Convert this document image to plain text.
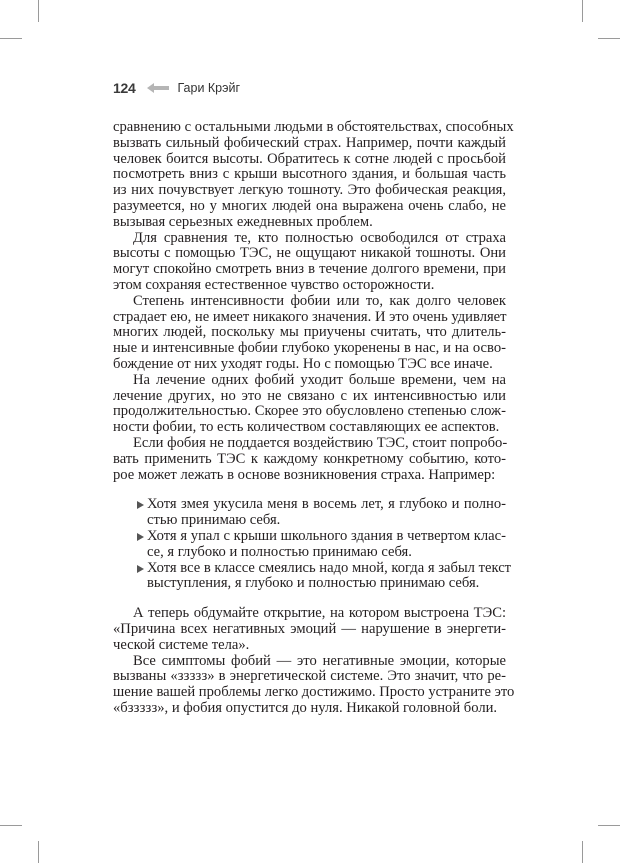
124	Гари Крэйг
сравнению с остальными людьми в обстоятельствах, способных
вызвать сильный фобический страх. Например, почти каждый
человек боится высоты. Обратитесь к сотне людей с просьбой
посмотреть вниз с крыши высотного здания, и большая часть
из них почувствует легкую тошноту. Это фобическая реакция,
разумеется, но у многих людей она выражена очень слабо, не
вызывая серьезных ежедневных проблем.
Для сравнения те, кто полностью освободился от страха
высоты с помощью ТЭС, не ощущают никакой тошноты. Они
могут спокойно смотреть вниз в течение долгого времени, при
этом сохраняя естественное чувство осторожности.
Степень интенсивности фобии или то, как долго человек
страдает ею, не имеет никакого значения. И это очень удивляет
многих людей, поскольку мы приучены считать, что длитель-
ные и интенсивные фобии глубоко укоренены в нас, и на осво-
бождение от них уходят годы. Но с помощью ТЭС все иначе.
На лечение одних фобий уходит больше времени, чем на
лечение других, но это не связано с их интенсивностью или
продолжительностью. Скорее это обусловлено степенью слож-
ности фобии, то есть количеством составляющих ее аспектов.
Если фобия не поддается воздействию ТЭС, стоит попробо-
вать применить ТЭС к каждому конкретному событию, кото-
рое может лежать в основе возникновения страха. Например:
Хотя змея укусила меня в восемь лет, я глубоко и полно-
стью принимаю себя.
Хотя я упал с крыши школьного здания в четвертом клас-
се, я глубоко и полностью принимаю себя.
Хотя все в классе смеялись надо мной, когда я забыл текст
выступления, я глубоко и полностью принимаю себя.
А теперь обдумайте открытие, на котором выстроена ТЭС:
«Причина всех негативных эмоций — нарушение в энергети-
ческой системе тела».
Все симптомы фобий — это негативные эмоции, которые
вызваны «ззззз» в энергетической системе. Это значит, что ре-
шение вашей проблемы легко достижимо. Просто устраните это
«бззззз», и фобия опустится до нуля. Никакой головной боли.
